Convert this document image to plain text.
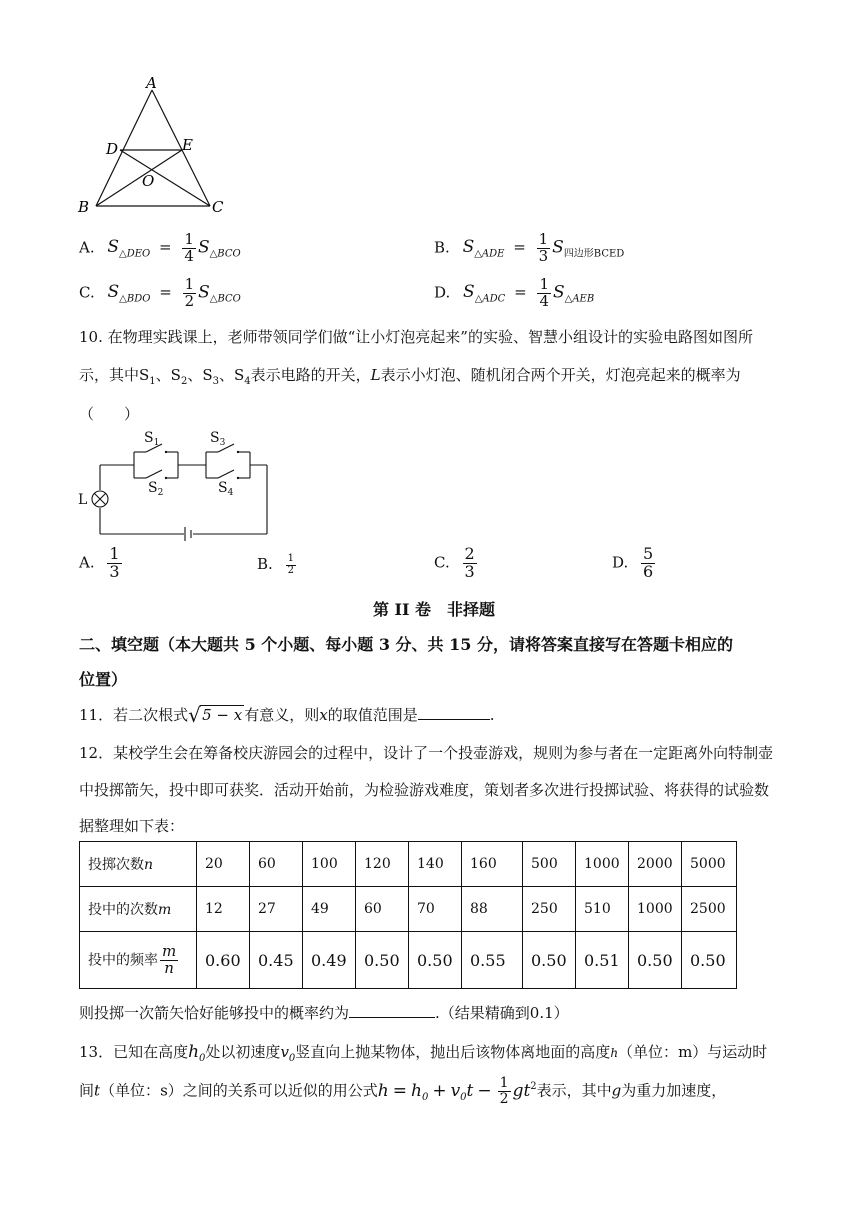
A
B	C
D	E
O
A. $S_{\triangle DEO} = \frac{1}{4} S_{\triangle BCO}$	B. $S_{\triangle ADE} = \frac{1}{3} S_{四边形BCED}$
C. $S_{\triangle BDO} = \frac{1}{2} S_{\triangle BCO}$	D. $S_{\triangle ADC} = \frac{1}{4} S_{\triangle AEB}$
10. 在物理实践课上，老师带领同学们做“让小灯泡亮起来”的实验、智慧小组设计的实验电路图如图所
示，其中$S_1$、$S_2$、$S_3$、$S_4$表示电路的开关，L表示小灯泡、随机闭合两个开关，灯泡亮起来的概率为
（　　）
$S_1$
$S_2$
$S_3$
$S_4$
L
A. $\frac{1}{3}$	B. $\frac{1}{2}$	C. $\frac{2}{3}$	D. $\frac{5}{6}$
第 II 卷　非择题
二、填空题（本大题共 5 个小题、每小题 3 分、共 15 分，请将答案直接写在答题卡相应的
位置）
11．若二次根式 √ 5 − x 有意义，则x的取值范围是	.
12．某校学生会在筹备校庆游园会的过程中，设计了一个投壶游戏，规则为参与者在一定距离外向特制壶
中投掷箭矢，投中即可获奖．活动开始前，为检验游戏难度，策划者多次进行投掷试验、将获得的试验数
据整理如下表：
投掷次数n	20	60	100	120	140	160	500	1000	2000	5000
投中的次数m	12	27	49	60	70	88	250	510	1000	2500
投中的频率 $\frac{m}{n}$	0.60	0.45	0.49	0.50	0.50	0.55	0.50	0.51	0.50	0.50
则投掷一次箭矢恰好能够投中的概率约为	.（结果精确到0.1）
13．已知在高度$h_0$处以初速度$v_0$竖直向上抛某物体，抛出后该物体离地面的高度h（单位：m）与运动时
间t（单位：s）之间的关系可以近似的用公式$h = h_0 + v_0t - \frac{1}{2} gt^2$表示，其中g为重力加速度，
